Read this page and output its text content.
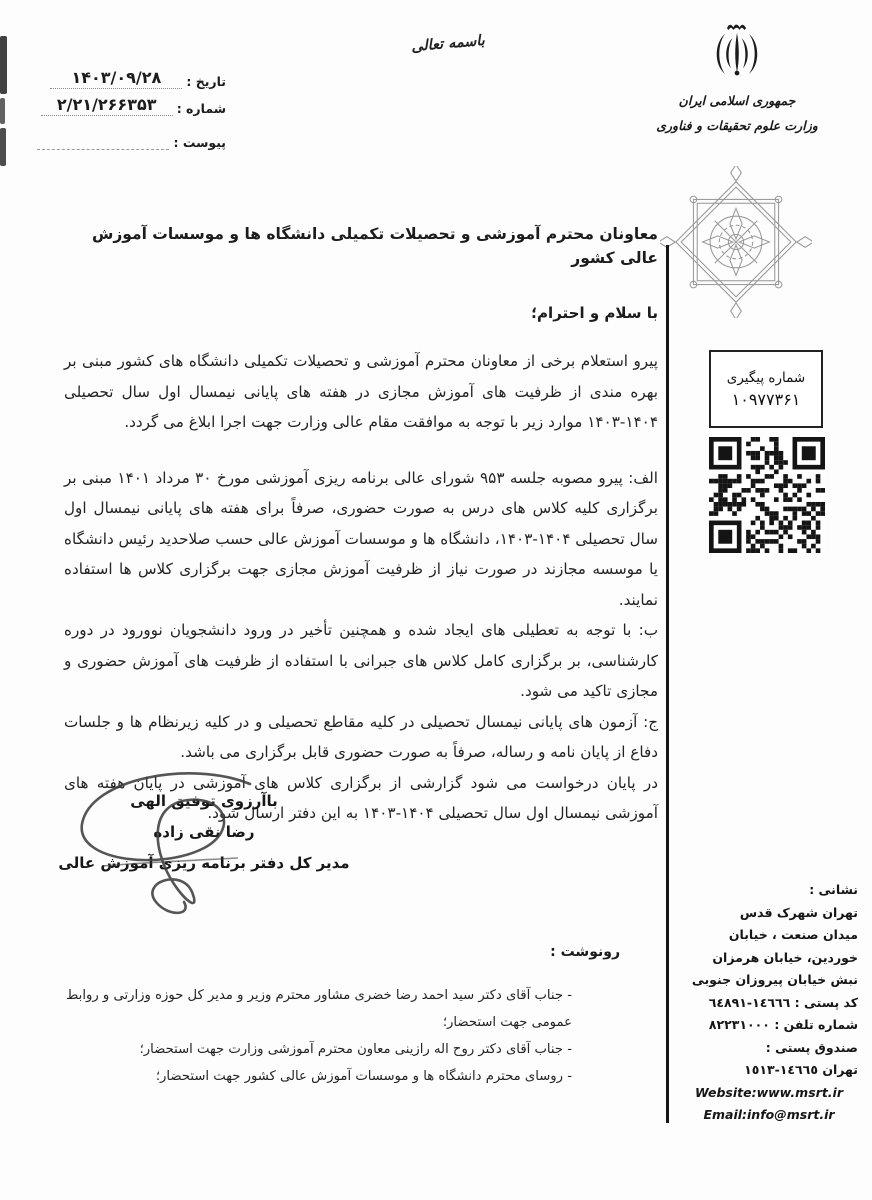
باسمه تعالی
جمهوری اسلامی ایران
وزارت علوم تحقیقات و فناوری
تاریخ :
۱۴۰۳/۰۹/۲۸
شماره :
۲/۲۱/۲۶۶۳۵۳
پیوست :
شماره پیگیری
۱۰۹۷۷۳۶۱
نشانی :
تهران شهرک قدس
میدان صنعت ، خیابان
خوردین، خیابان هرمزان
نبش خیابان پیروزان جنوبی
کد پستی : ١٤٦٦٦-٦٤٨٩١
شماره تلفن : ٨٢٢٣١٠٠٠
صندوق پستی :
تهران ١٤٦٦٥-١٥١٣
Website:www.msrt.ir
Email:info@msrt.ir
معاونان محترم آموزشی و تحصیلات تکمیلی دانشگاه ها و موسسات آموزش عالی کشور
با سلام و احترام؛

پیرو استعلام برخی از معاونان محترم آموزشی و تحصیلات تکمیلی دانشگاه های کشور مبنی بر بهره مندی از ظرفیت های آموزش مجازی در هفته های پایانی نیمسال اول سال تحصیلی ۱۴۰۴-۱۴۰۳ موارد زیر با توجه به موافقت مقام عالی وزارت جهت اجرا ابلاغ می گردد.

الف: پیرو مصوبه جلسه ۹۵۳ شورای عالی برنامه ریزی آموزشی مورخ ۳۰ مرداد ۱۴۰۱ مبنی بر برگزاری کلیه کلاس های درس به صورت حضوری، صرفاً برای هفته های پایانی نیمسال اول سال تحصیلی ۱۴۰۴-۱۴۰۳، دانشگاه ها و موسسات آموزش عالی حسب صلاحدید رئیس دانشگاه یا موسسه مجازند در صورت نیاز از ظرفیت آموزش مجازی جهت برگزاری کلاس ها استفاده نمایند.

ب: با توجه به تعطیلی های ایجاد شده و همچنین تأخیر در ورود دانشجویان نوورود در دوره کارشناسی، بر برگزاری کامل کلاس های جبرانی با استفاده از ظرفیت های آموزش حضوری و مجازی تاکید می شود.

ج: آزمون های پایانی نیمسال تحصیلی در کلیه مقاطع تحصیلی و در کلیه زیرنظام ها و جلسات دفاع از پایان نامه و رساله، صرفاً به صورت حضوری قابل برگزاری می باشد.

در پایان درخواست می شود گزارشی از برگزاری کلاس های آموزشی در پایان هفته های آموزشی نیمسال اول سال تحصیلی ۱۴۰۴-۱۴۰۳ به این دفتر ارسال شود.

باآرزوی توفیق الهی
رضا نقی زاده
مدیر کل دفتر برنامه ریزی آموزش عالی
رونوشت :
- جناب آقای دکتر سید احمد رضا خضری مشاور محترم وزیر و مدیر کل حوزه وزارتی و روابط عمومی جهت استحضار؛
- جناب آقای دکتر روح اله رازینی معاون محترم آموزشی وزارت جهت استحضار؛
- روسای محترم دانشگاه ها و موسسات آموزش عالی کشور جهت استحضار؛
